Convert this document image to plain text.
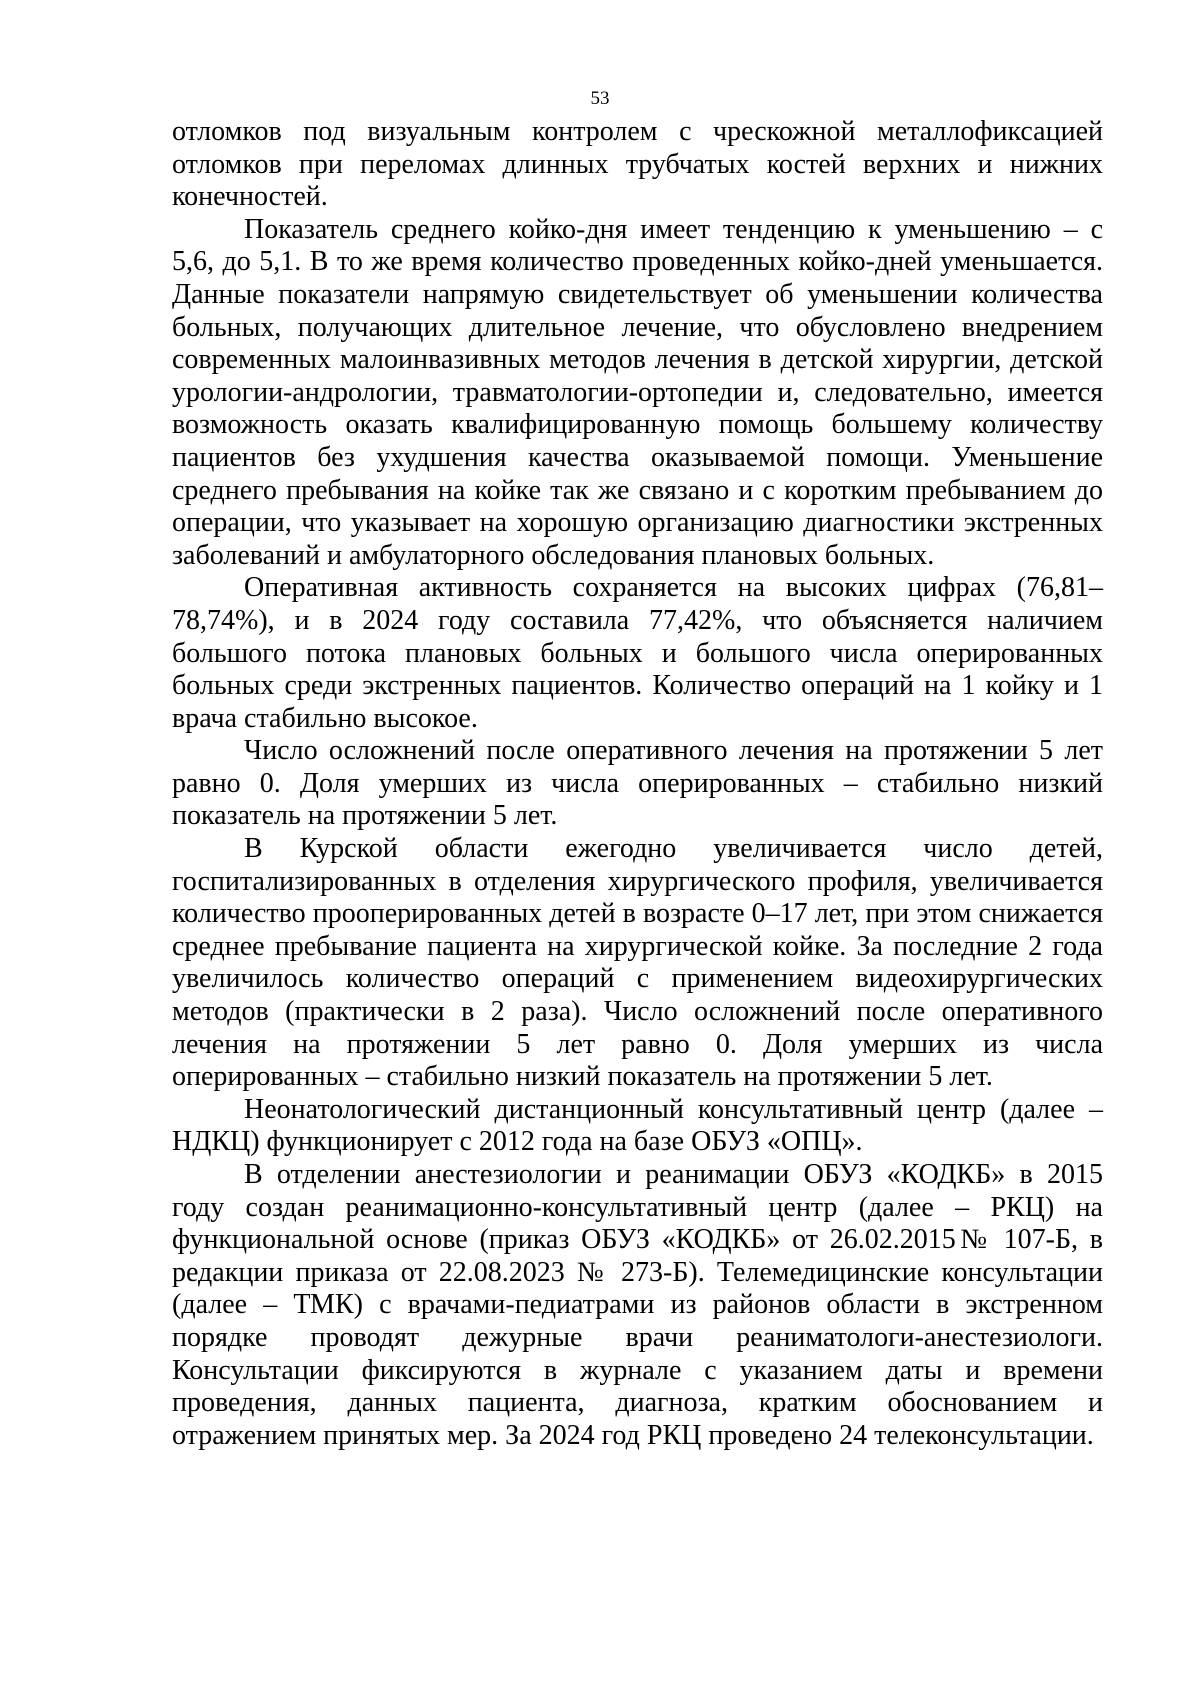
53

отломков под визуальным контролем с чрескожной металлофиксацией отломков при переломах длинных трубчатых костей верхних и нижних конечностей.

Показатель среднего койко-дня имеет тенденцию к уменьшению – с 5,6, до 5,1. В то же время количество проведенных койко-дней уменьшается. Данные показатели напрямую свидетельствует об уменьшении количества больных, получающих длительное лечение, что обусловлено внедрением современных малоинвазивных методов лечения в детской хирургии, детской урологии-андрологии, травматологии-ортопедии и, следовательно, имеется возможность оказать квалифицированную помощь большему количеству пациентов без ухудшения качества оказываемой помощи. Уменьшение среднего пребывания на койке так же связано и с коротким пребыванием до операции, что указывает на хорошую организацию диагностики экстренных заболеваний и амбулаторного обследования плановых больных.

Оперативная активность сохраняется на высоких цифрах (76,81–78,74%), и в 2024 году составила 77,42%, что объясняется наличием большого потока плановых больных и большого числа оперированных больных среди экстренных пациентов. Количество операций на 1 койку и 1 врача стабильно высокое.

Число осложнений после оперативного лечения на протяжении 5 лет равно 0. Доля умерших из числа оперированных – стабильно низкий показатель на протяжении 5 лет.

В Курской области ежегодно увеличивается число детей, госпитализированных в отделения хирургического профиля, увеличивается количество прооперированных детей в возрасте 0–17 лет, при этом снижается среднее пребывание пациента на хирургической койке. За последние 2 года увеличилось количество операций с применением видеохирургических методов (практически в 2 раза). Число осложнений после оперативного лечения на протяжении 5 лет равно 0. Доля умерших из числа оперированных – стабильно низкий показатель на протяжении 5 лет.

Неонатологический дистанционный консультативный центр (далее – НДКЦ) функционирует с 2012 года на базе ОБУЗ «ОПЦ».

В отделении анестезиологии и реанимации ОБУЗ «КОДКБ» в 2015 году создан реанимационно-консультативный центр (далее – РКЦ) на функциональной основе (приказ ОБУЗ «КОДКБ» от 26.02.2015№ 107-Б, в редакции приказа от 22.08.2023 № 273-Б). Телемедицинские консультации (далее – ТМК) с врачами-педиатрами из районов области в экстренном порядке проводят дежурные врачи реаниматологи-анестезиологи. Консультации фиксируются в журнале с указанием даты и времени проведения, данных пациента, диагноза, кратким обоснованием и отражением принятых мер. За 2024 год РКЦ проведено 24 телеконсультации.
